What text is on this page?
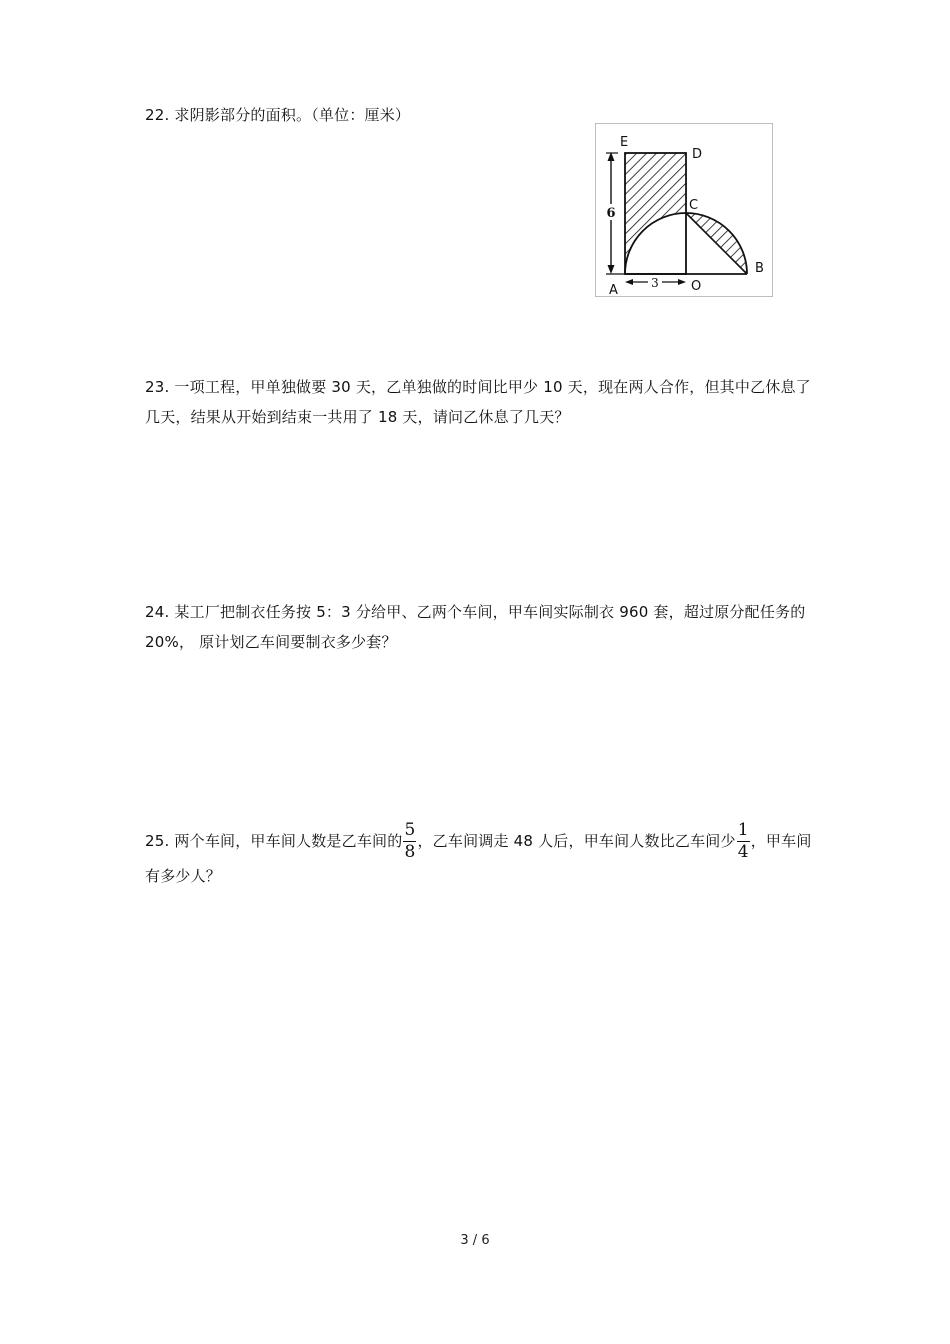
22. 求阴影部分的面积。（单位：厘米）
6
3
E
D
C
B
A	O
23. 一项工程，甲单独做要 30 天，乙单独做的时间比甲少 10 天，现在两人合作，但其中乙休息了几天，结果从开始到结束一共用了 18 天，请问乙休息了几天？
24. 某工厂把制衣任务按 5：3 分给甲、乙两个车间，甲车间实际制衣 960 套，超过原分配任务的 20%， 原计划乙车间要制衣多少套？
25. 两个车间，甲车间人数是乙车间的 $\frac{5}{8}$ ，乙车间调走 48 人后，甲车间人数比乙车间少 $\frac{1}{4}$ ，甲车间有多少人？
3 / 6
